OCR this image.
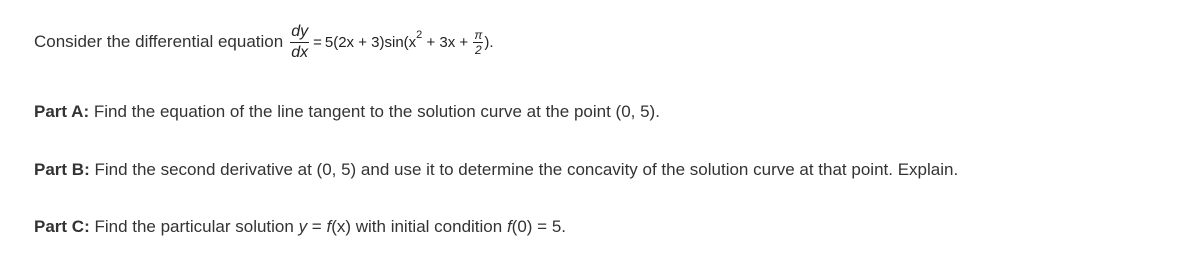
Consider the differential equation $\frac{dy}{dx} = 5(2x + 3)\sin(x$ $2 + 3x + \frac{\pi}{2}$ ).
Part A: Find the equation of the line tangent to the solution curve at the point (0, 5).
Part B: Find the second derivative at (0, 5) and use it to determine the concavity of the solution curve at that point. Explain.
Part C: Find the particular solution y = f(x) with initial condition f(0) = 5.
